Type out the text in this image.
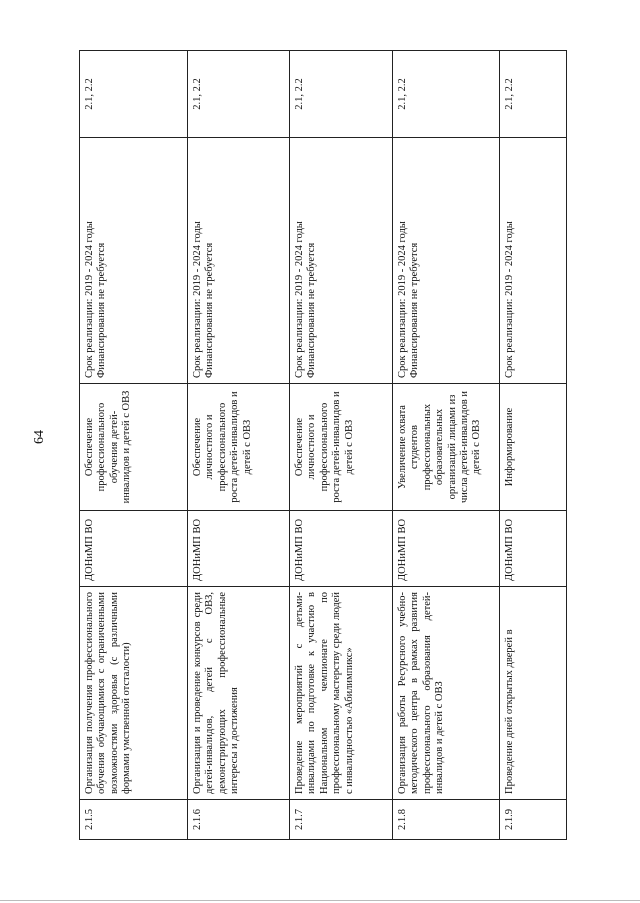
64
2.1.5	Организация получения профессионального обучения обучающимися с ограниченными возможностями здоровья (с различными формами умственной отсталости)	ДОНиМП ВО	Обеспечение профессионального обучения детей-инвалидов и детей с ОВЗ	Срок реализации: 2019 - 2024 годы Финансирования не требуется	2.1, 2.2
2.1.6	Организация и проведение конкурсов среди детей-инвалидов, детей с ОВЗ, демонстрирующих профессиональные интересы и достижения	ДОНиМП ВО	Обеспечение личностного и профессионального роста детей-инвалидов и детей с ОВЗ	Срок реализации: 2019 - 2024 годы Финансирования не требуется	2.1, 2.2
2.1.7	Проведение мероприятий с детьми-инвалидами по подготовке к участию в Национальном чемпионате по профессиональному мастерству среди людей с инвалидностью «Абилимпикс»	ДОНиМП ВО	Обеспечение личностного и профессионального роста детей-инвалидов и детей с ОВЗ	Срок реализации: 2019 - 2024 годы Финансирования не требуется	2.1, 2.2
2.1.8	Организация работы Ресурсного учебно-методического центра в рамках развития профессионального образования детей-инвалидов и детей с ОВЗ	ДОНиМП ВО	Увеличение охвата студентов профессиональных образовательных организаций лицами из числа детей-инвалидов и детей с ОВЗ	Срок реализации: 2019 - 2024 годы Финансирования не требуется	2.1, 2.2
2.1.9	Проведение дней открытых дверей в	ДОНиМП ВО	Информирование	Срок реализации: 2019 - 2024 годы	2.1, 2.2
